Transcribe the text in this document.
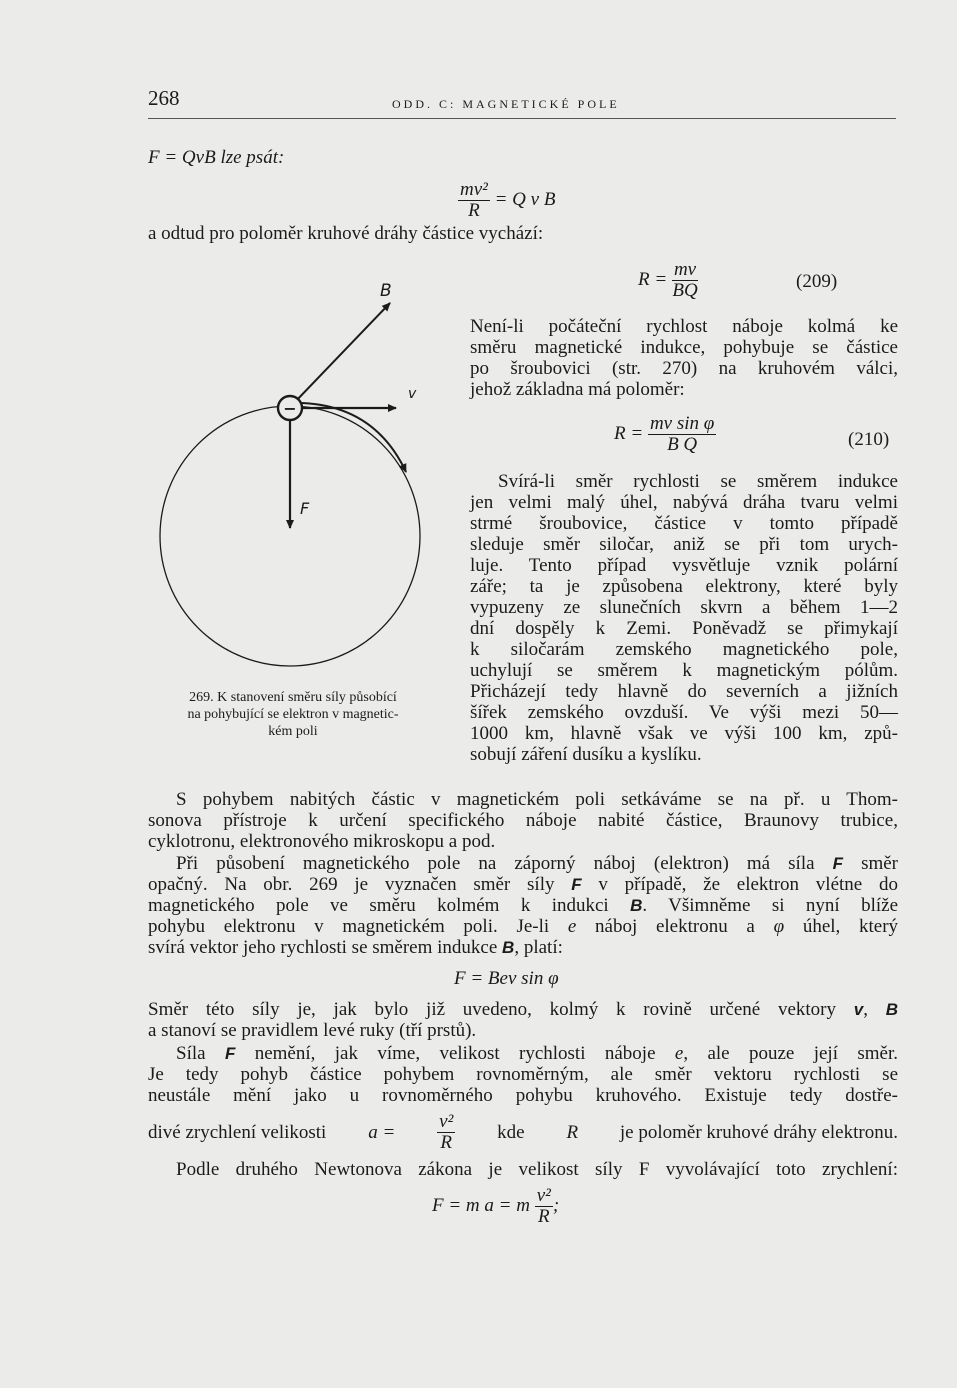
268	ODD. C: MAGNETICKÉ POLE
F = QvB lze psát:
$\frac{\text{mv²}}{R} = Q$ v B
a odtud pro poloměr kruhové dráhy částice vychází:
$R = \frac{mv}{BQ}$	(209)
Není-li počáteční rychlost náboje kolmá ke
směru magnetické indukce, pohybuje se částice
po šroubovici (str. 270) na kruhovém válci,
jehož základna má poloměr:
$R = \frac{\text{mv sin φ}}{\text{B Q}}$	(210)
Svírá-li směr rychlosti se směrem indukce
jen velmi malý úhel, nabývá dráha tvaru velmi
strmé šroubovice, částice v tomto případě
sleduje směr siločar, aniž se při tom urych-
luje. Tento případ vysvětluje vznik polární
záře; ta je způsobena elektrony, které byly
vypuzeny ze slunečních skvrn a během 1—2
dní dospěly k Zemi. Poněvadž se přimykají
k siločarám zemského magnetického pole,
uchylují se směrem k magnetickým pólům.
Přicházejí tedy hlavně do severních a jižních
šířek zemského ovzduší. Ve výši mezi 50—
1000 km, hlavně však ve výši 100 km, způ-
sobují záření dusíku a kyslíku.
−
B
v
F
269. K stanovení směru síly působící
na pohybující se elektron v magnetic-
kém poli
S pohybem nabitých částic v magnetickém poli setkáváme se na př. u Thom-
sonova přístroje k určení specifického náboje nabité částice, Braunovy trubice,
cyklotronu, elektronového mikroskopu a pod.
Při působení magnetického pole na záporný náboj (elektron) má síla F směr
opačný. Na obr. 269 je vyznačen směr síly F v případě, že elektron vlétne do
magnetického pole ve směru kolmém k indukci B. Všimněme si nyní blíže
pohybu elektronu v magnetickém poli. Je-li e náboj elektronu a φ úhel, který
svírá vektor jeho rychlosti se směrem indukce B, platí:
F = Bev sin φ
Směr této síly je, jak bylo již uvedeno, kolmý k rovině určené vektory v, B
a stanoví se pravidlem levé ruky (tří prstů).
Síla F nemění, jak víme, velikost rychlosti náboje e, ale pouze její směr.
Je tedy pohyb částice pohybem rovnoměrným, ale směr vektoru rychlosti se
neustále mění jako u rovnoměrného pohybu kruhového. Existuje tedy dostře-
divé zrychlení velikosti $a = \frac{\text{v²}}{R}$ kde R je poloměr kruhové dráhy elektronu.
Podle druhého Newtonova zákona je velikost síly F vyvolávající toto zrychlení:
F = m a = m $\frac{\text{v²}}{R}$ ;
